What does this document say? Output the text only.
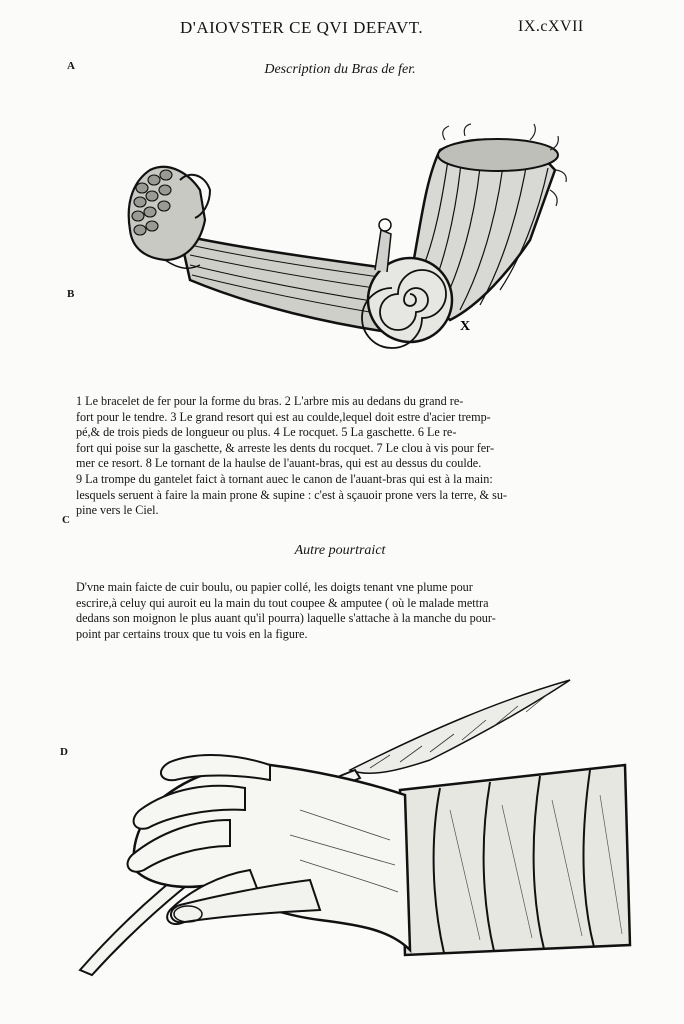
D'AIOVSTER CE QVI DEFAVT.	IX.cXVII
A
B
C
D
Description du Bras de fer.
X
1 Le bracelet de fer pour la forme du bras. 2 L'arbre mis au dedans du grand re-
fort pour le tendre. 3 Le grand resort qui est au coulde,lequel doit estre d'acier tremp-
pé,& de trois pieds de longueur ou plus. 4 Le rocquet. 5 La gaschette. 6 Le re-
fort qui poise sur la gaschette, & arreste les dents du rocquet. 7 Le clou à vis pour fer-
mer ce resort. 8 Le tornant de la haulse de l'auant-bras, qui est au dessus du coulde.
9 La trompe du gantelet faict à tornant auec le canon de l'auant-bras qui est à la main:
lesquels seruent à faire la main prone & supine : c'est à sçauoir prone vers la terre, & su-
pine vers le Ciel.
Autre pourtraict
D'vne main faicte de cuir boulu, ou papier collé, les doigts tenant vne plume pour
escrire,à celuy qui auroit eu la main du tout coupee & amputee ( où le malade mettra
dedans son moignon le plus auant qu'il pourra) laquelle s'attache à la manche du pour-
point par certains troux que tu vois en la figure.
